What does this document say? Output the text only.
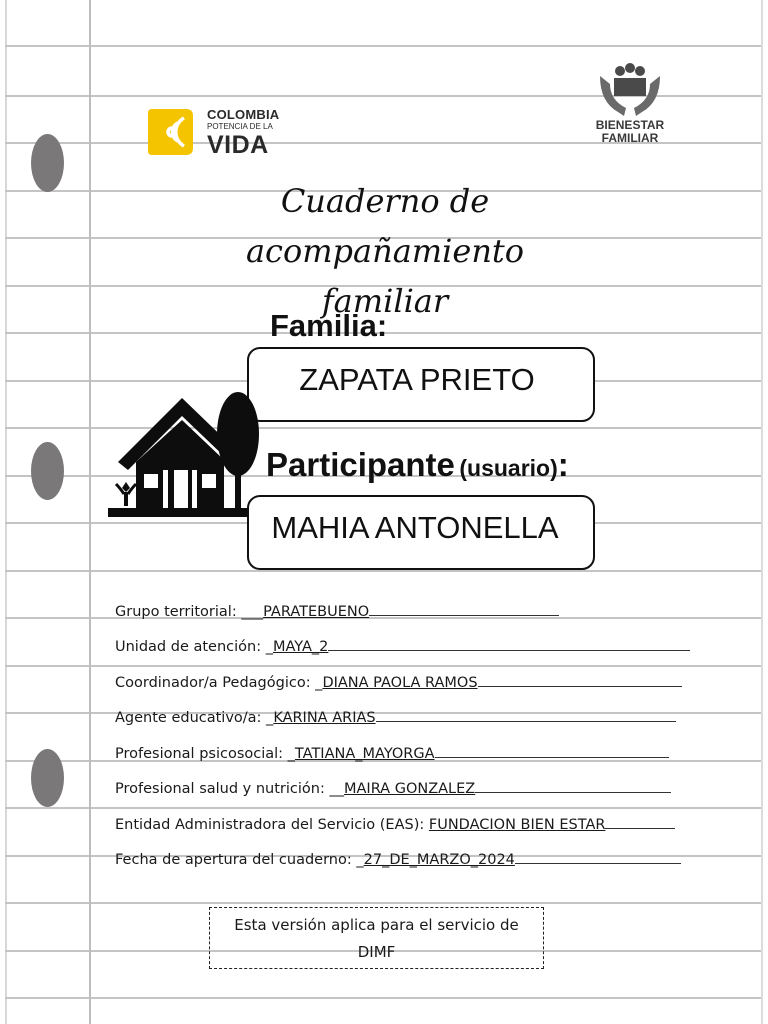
COLOMBIA
POTENCIA DE LA
VIDA
BIENESTAR
FAMILIAR
Cuaderno de acompañamiento
familiar
Familia:
ZAPATA PRIETO
Participante (usuario):
MAHIA ANTONELLA
Grupo territorial: ___PARATEBUENO
Unidad de atención: _MAYA_2
Coordinador/a Pedagógico: _DIANA PAOLA RAMOS
Agente educativo/a: _KARINA ARIAS
Profesional psicosocial: _TATIANA_MAYORGA
Profesional salud y nutrición: __MAIRA GONZALEZ
Entidad Administradora del Servicio (EAS): FUNDACION BIEN ESTAR
Fecha de apertura del cuaderno: _27_DE_MARZO_2024
Esta versión aplica para el servicio de
DIMF
